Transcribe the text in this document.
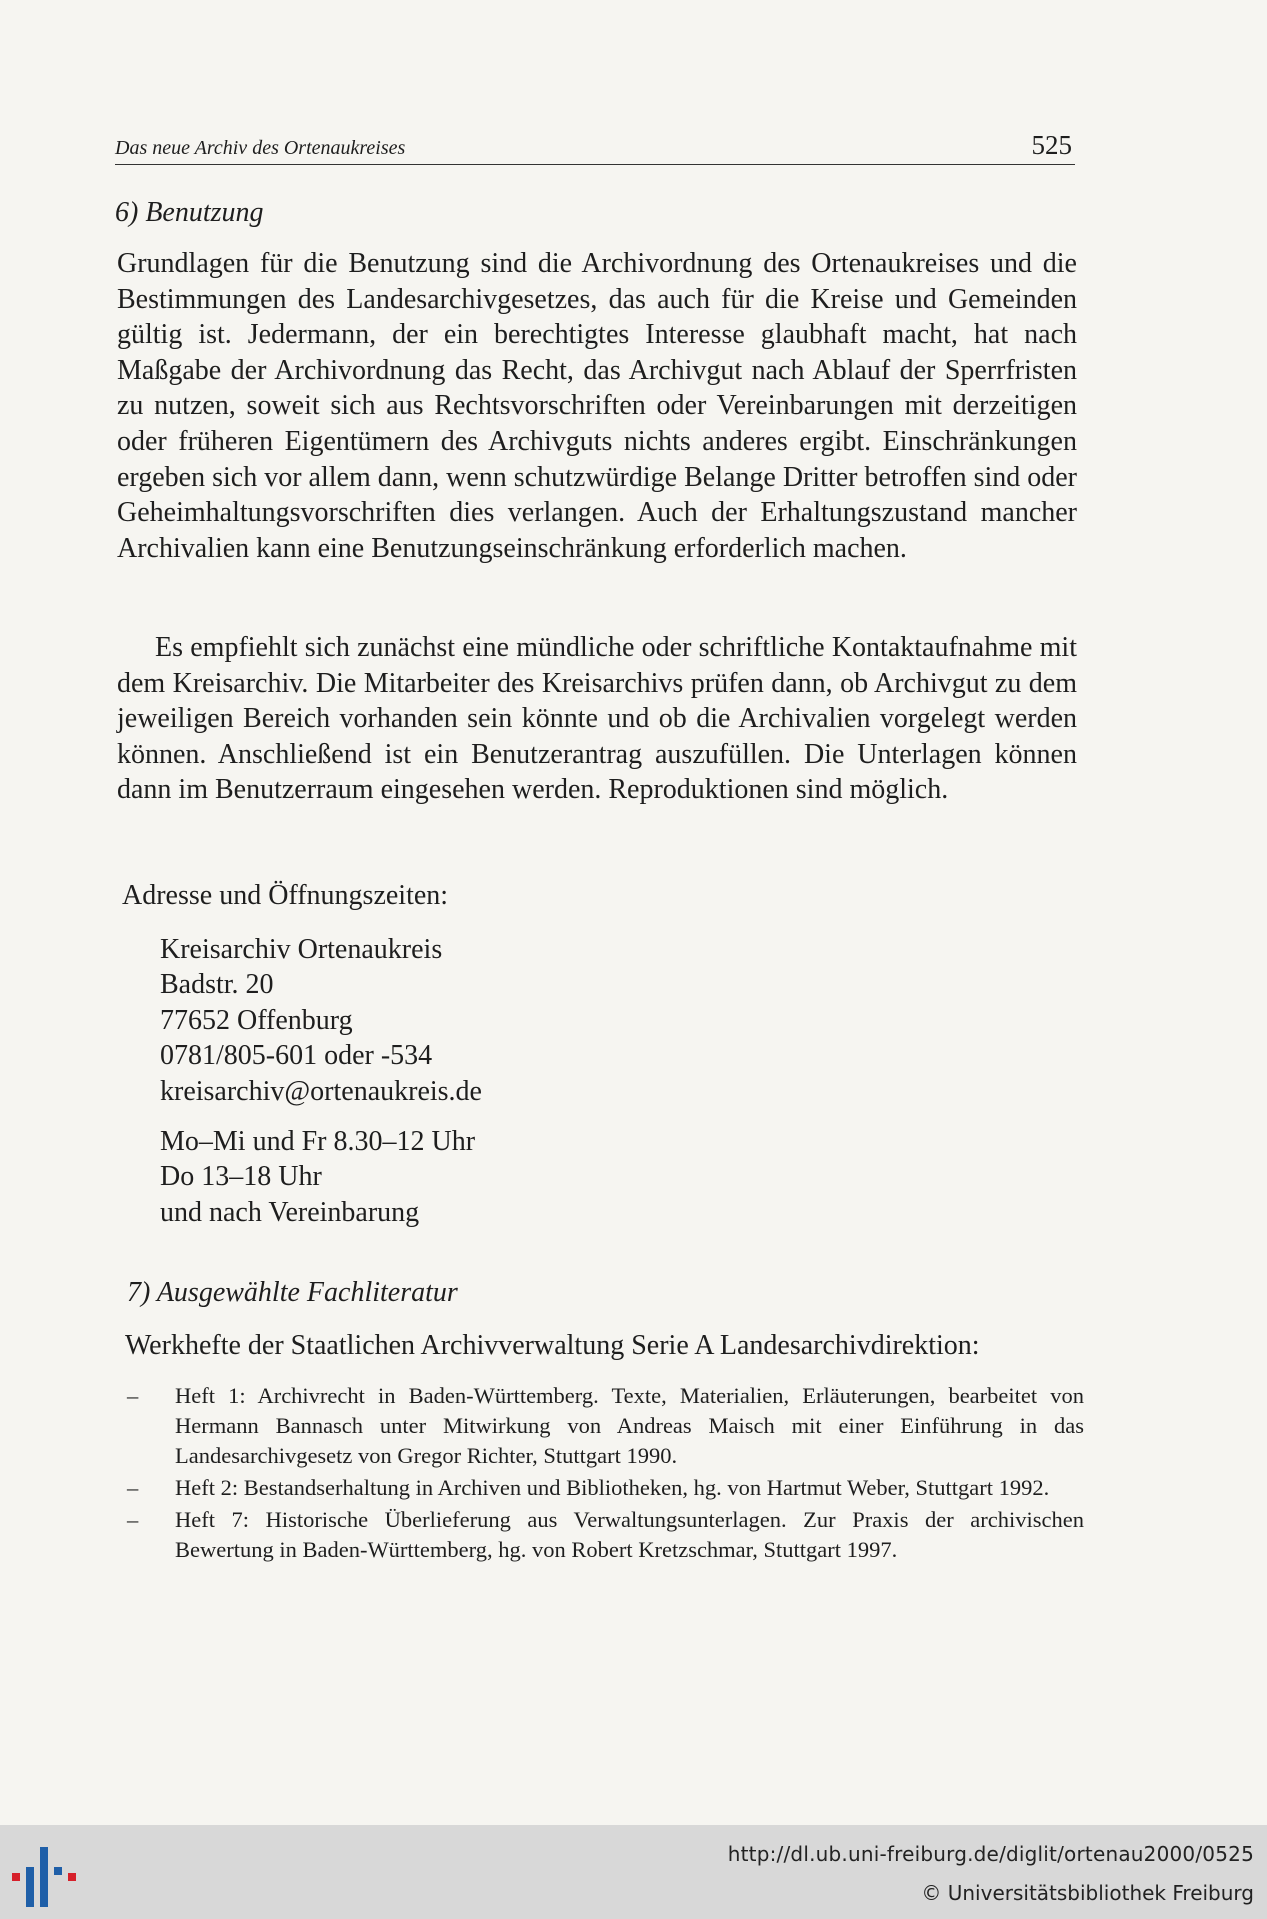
Das neue Archiv des Ortenaukreises	525
6) Benutzung

Grundlagen für die Benutzung sind die Archivordnung des Ortenaukreises und die Bestimmungen des Landesarchivgesetzes, das auch für die Kreise und Gemeinden gültig ist. Jedermann, der ein berechtigtes Interesse glaubhaft macht, hat nach Maßgabe der Archivordnung das Recht, das Archivgut nach Ablauf der Sperrfristen zu nutzen, soweit sich aus Rechtsvorschriften oder Vereinbarungen mit derzeitigen oder früheren Eigentümern des Archivguts nichts anderes ergibt. Einschränkungen ergeben sich vor allem dann, wenn schutzwürdige Belange Dritter betroffen sind oder Geheimhaltungsvorschriften dies verlangen. Auch der Erhaltungszustand mancher Archivalien kann eine Benutzungseinschränkung erforderlich machen.

Es empfiehlt sich zunächst eine mündliche oder schriftliche Kontaktaufnahme mit dem Kreisarchiv. Die Mitarbeiter des Kreisarchivs prüfen dann, ob Archivgut zu dem jeweiligen Bereich vorhanden sein könnte und ob die Archivalien vorgelegt werden können. Anschließend ist ein Benutzerantrag auszufüllen. Die Unterlagen können dann im Benutzerraum eingesehen werden. Reproduktionen sind möglich.

Adresse und Öffnungszeiten:
Kreisarchiv Ortenaukreis
Badstr. 20
77652 Offenburg
0781/805-601 oder -534
kreisarchiv@ortenaukreis.de
Mo–Mi und Fr 8.30–12 Uhr
Do 13–18 Uhr
und nach Vereinbarung
7) Ausgewählte Fachliteratur
Werkhefte der Staatlichen Archivverwaltung Serie A Landesarchivdirektion:
– Heft 1: Archivrecht in Baden-Württemberg. Texte, Materialien, Erläuterungen, bearbeitet von Hermann Bannasch unter Mitwirkung von Andreas Maisch mit einer Einführung in das Landesarchivgesetz von Gregor Richter, Stuttgart 1990.
– Heft 2: Bestandserhaltung in Archiven und Bibliotheken, hg. von Hartmut Weber, Stuttgart 1992.
– Heft 7: Historische Überlieferung aus Verwaltungsunterlagen. Zur Praxis der archivischen Bewertung in Baden-Württemberg, hg. von Robert Kretzschmar, Stuttgart 1997.
http://dl.ub.uni-freiburg.de/diglit/ortenau2000/0525
© Universitätsbibliothek Freiburg
